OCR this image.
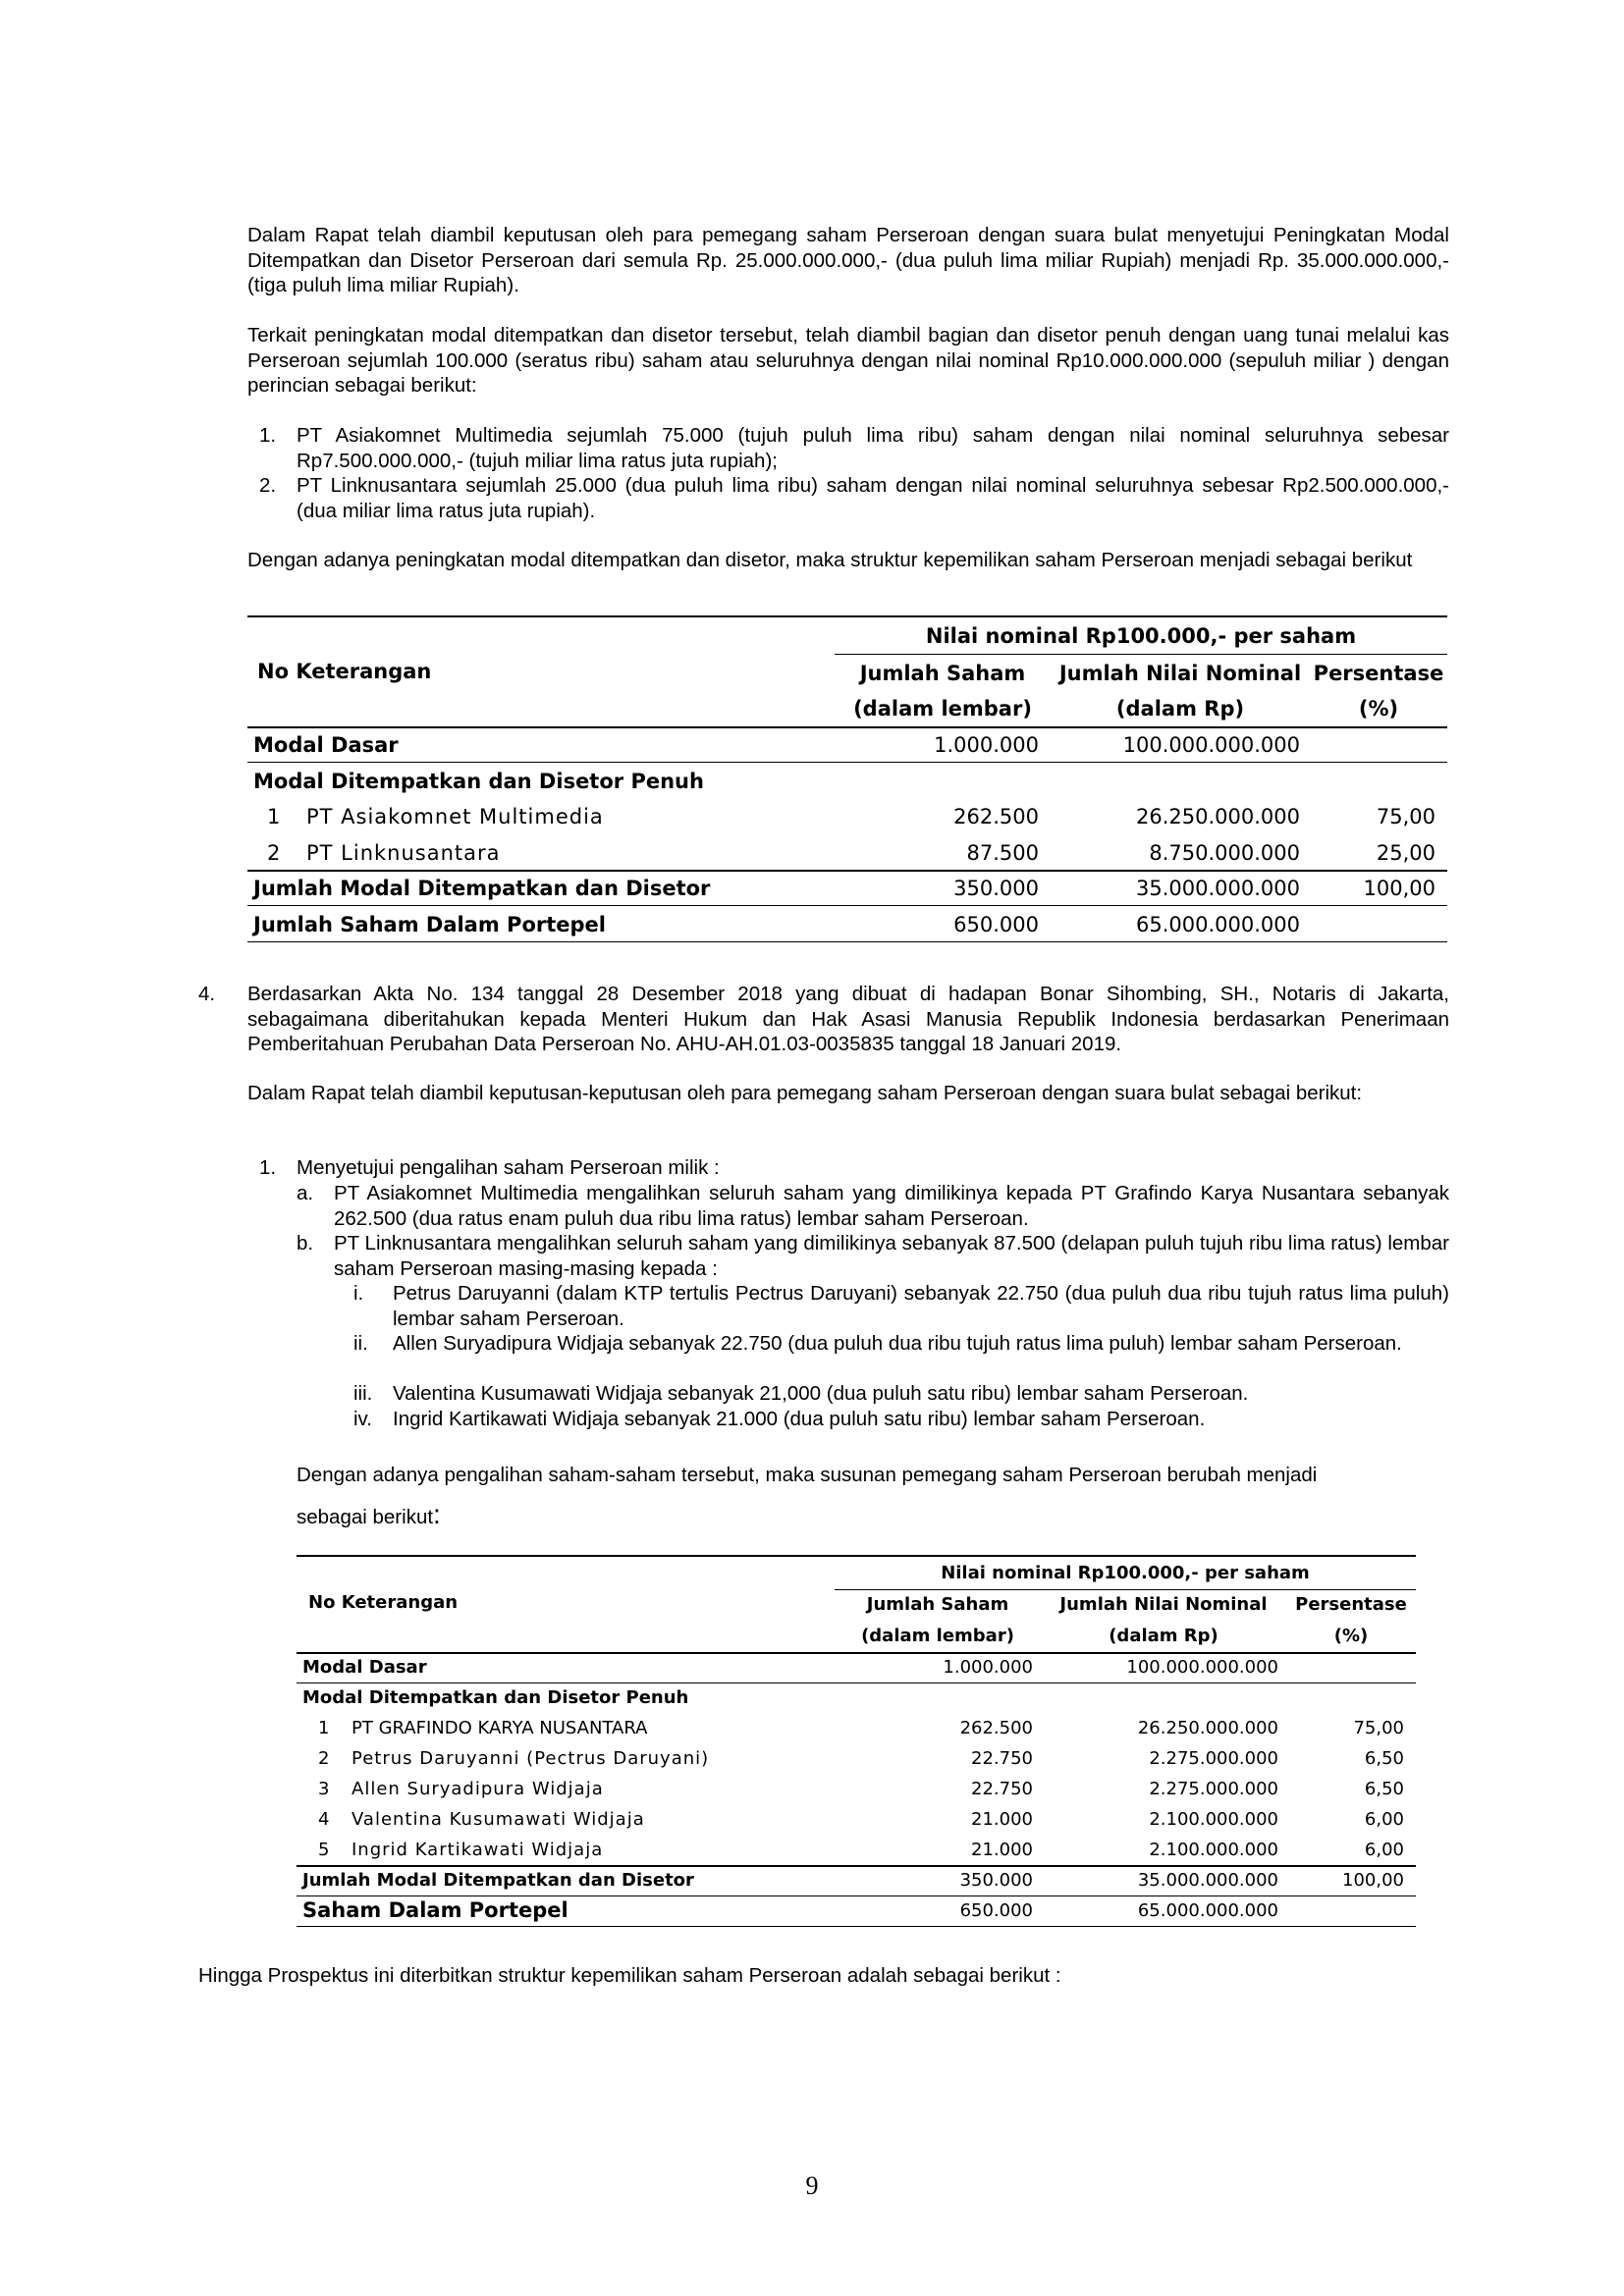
Dalam Rapat telah diambil keputusan oleh para pemegang saham Perseroan dengan suara bulat menyetujui Peningkatan Modal Ditempatkan dan Disetor Perseroan dari semula Rp. 25.000.000.000,- (dua puluh lima miliar Rupiah) menjadi Rp. 35.000.000.000,- (tiga puluh lima miliar Rupiah).

Terkait peningkatan modal ditempatkan dan disetor tersebut, telah diambil bagian dan disetor penuh dengan uang tunai melalui kas Perseroan sejumlah 100.000 (seratus ribu) saham atau seluruhnya dengan nilai nominal Rp10.000.000.000 (sepuluh miliar ) dengan perincian sebagai berikut:

1. PT Asiakomnet Multimedia sejumlah 75.000 (tujuh puluh lima ribu) saham dengan nilai nominal seluruhnya sebesar Rp7.500.000.000,- (tujuh miliar lima ratus juta rupiah);

2. PT Linknusantara sejumlah 25.000 (dua puluh lima ribu) saham dengan nilai nominal seluruhnya sebesar Rp2.500.000.000,- (dua miliar lima ratus juta rupiah).

Dengan adanya peningkatan modal ditempatkan dan disetor, maka struktur kepemilikan saham Perseroan menjadi sebagai berikut

Nilai nominal Rp100.000,- per saham
No Keterangan	Jumlah Saham	Jumlah Nilai Nominal Persentase
(dalam lembar)	(dalam Rp)	(%)
Modal Dasar	1.000.000	100.000.000.000
Modal Ditempatkan dan Disetor Penuh
1 PT Asiakomnet Multimedia	262.500	26.250.000.000	75,00
2 PT Linknusantara	87.500	8.750.000.000	25,00
Jumlah Modal Ditempatkan dan Disetor	350.000	35.000.000.000	100,00
Jumlah Saham Dalam Portepel	650.000	65.000.000.000
4. Berdasarkan Akta No. 134 tanggal 28 Desember 2018 yang dibuat di hadapan Bonar Sihombing, SH., Notaris di Jakarta, sebagaimana diberitahukan kepada Menteri Hukum dan Hak Asasi Manusia Republik Indonesia berdasarkan Penerimaan Pemberitahuan Perubahan Data Perseroan No. AHU-AH.01.03-0035835 tanggal 18 Januari 2019.

Dalam Rapat telah diambil keputusan-keputusan oleh para pemegang saham Perseroan dengan suara bulat sebagai berikut:

1. Menyetujui pengalihan saham Perseroan milik :

a. PT Asiakomnet Multimedia mengalihkan seluruh saham yang dimilikinya kepada PT Grafindo Karya Nusantara sebanyak 262.500 (dua ratus enam puluh dua ribu lima ratus) lembar saham Perseroan.

b. PT Linknusantara mengalihkan seluruh saham yang dimilikinya sebanyak 87.500 (delapan puluh tujuh ribu lima ratus) lembar saham Perseroan masing-masing kepada :

i. Petrus Daruyanni (dalam KTP tertulis Pectrus Daruyani) sebanyak 22.750 (dua puluh dua ribu tujuh ratus lima puluh) lembar saham Perseroan.

ii. Allen Suryadipura Widjaja sebanyak 22.750 (dua puluh dua ribu tujuh ratus lima puluh) lembar saham Perseroan.

iii. Valentina Kusumawati Widjaja sebanyak 21,000 (dua puluh satu ribu) lembar saham Perseroan.

iv. Ingrid Kartikawati Widjaja sebanyak 21.000 (dua puluh satu ribu) lembar saham Perseroan.

Dengan adanya pengalihan saham-saham tersebut, maka susunan pemegang saham Perseroan berubah menjadi

sebagai berikut:

Nilai nominal Rp100.000,- per saham
No Keterangan	Jumlah Saham	Jumlah Nilai Nominal	Persentase
(dalam lembar)	(dalam Rp)	(%)
Modal Dasar	1.000.000	100.000.000.000
Modal Ditempatkan dan Disetor Penuh
1 PT GRAFINDO KARYA NUSANTARA	262.500	26.250.000.000	75,00
2 Petrus Daruyanni (Pectrus Daruyani)	22.750	2.275.000.000	6,50
3 Allen Suryadipura Widjaja	22.750	2.275.000.000	6,50
4 Valentina Kusumawati Widjaja	21.000	2.100.000.000	6,00
5 Ingrid Kartikawati Widjaja	21.000	2.100.000.000	6,00
Jumlah Modal Ditempatkan dan Disetor	350.000	35.000.000.000	100,00
Saham Dalam Portepel	650.000	65.000.000.000

Hingga Prospektus ini diterbitkan struktur kepemilikan saham Perseroan adalah sebagai berikut :

9
